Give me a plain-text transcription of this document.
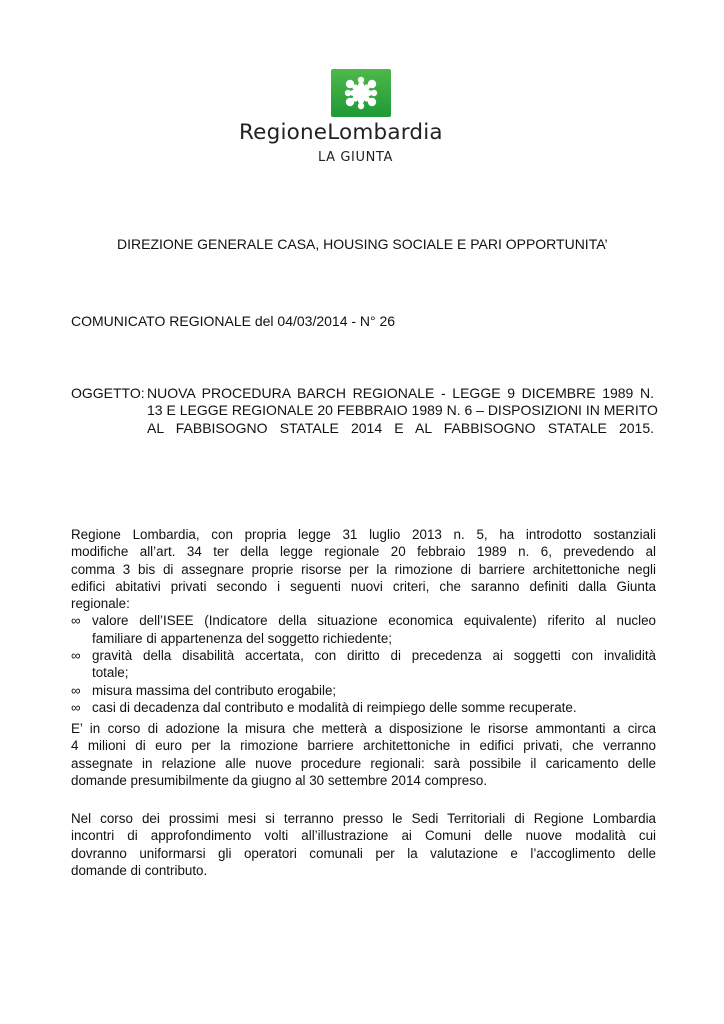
RegioneLombardia
LA GIUNTA
DIREZIONE GENERALE CASA, HOUSING SOCIALE E PARI OPPORTUNITA’
COMUNICATO REGIONALE del 04/03/2014 - N° 26
OGGETTO: NUOVA PROCEDURA BARCH REGIONALE - LEGGE 9 DICEMBRE 1989 N.
13 E LEGGE REGIONALE 20 FEBBRAIO 1989 N. 6 – DISPOSIZIONI IN MERITO
AL FABBISOGNO STATALE 2014 E AL FABBISOGNO STATALE 2015.
Regione Lombardia, con propria legge 31 luglio 2013 n. 5, ha introdotto sostanziali
modifiche all’art. 34 ter della legge regionale 20 febbraio 1989 n. 6, prevedendo al
comma 3 bis di assegnare proprie risorse per la rimozione di barriere architettoniche negli
edifici abitativi privati secondo i seguenti nuovi criteri, che saranno definiti dalla Giunta
regionale:
∞ valore dell’ISEE (Indicatore della situazione economica equivalente) riferito al nucleo
familiare di appartenenza del soggetto richiedente;
∞ gravità della disabilità accertata, con diritto di precedenza ai soggetti con invalidità
totale;
∞ misura massima del contributo erogabile;
∞ casi di decadenza dal contributo e modalità di reimpiego delle somme recuperate.
E’ in corso di adozione la misura che metterà a disposizione le risorse ammontanti a circa
4 milioni di euro per la rimozione barriere architettoniche in edifici privati, che verranno
assegnate in relazione alle nuove procedure regionali: sarà possibile il caricamento delle
domande presumibilmente da giugno al 30 settembre 2014 compreso.
Nel corso dei prossimi mesi si terranno presso le Sedi Territoriali di Regione Lombardia
incontri di approfondimento volti all’illustrazione ai Comuni delle nuove modalità cui
dovranno uniformarsi gli operatori comunali per la valutazione e l’accoglimento delle
domande di contributo.
